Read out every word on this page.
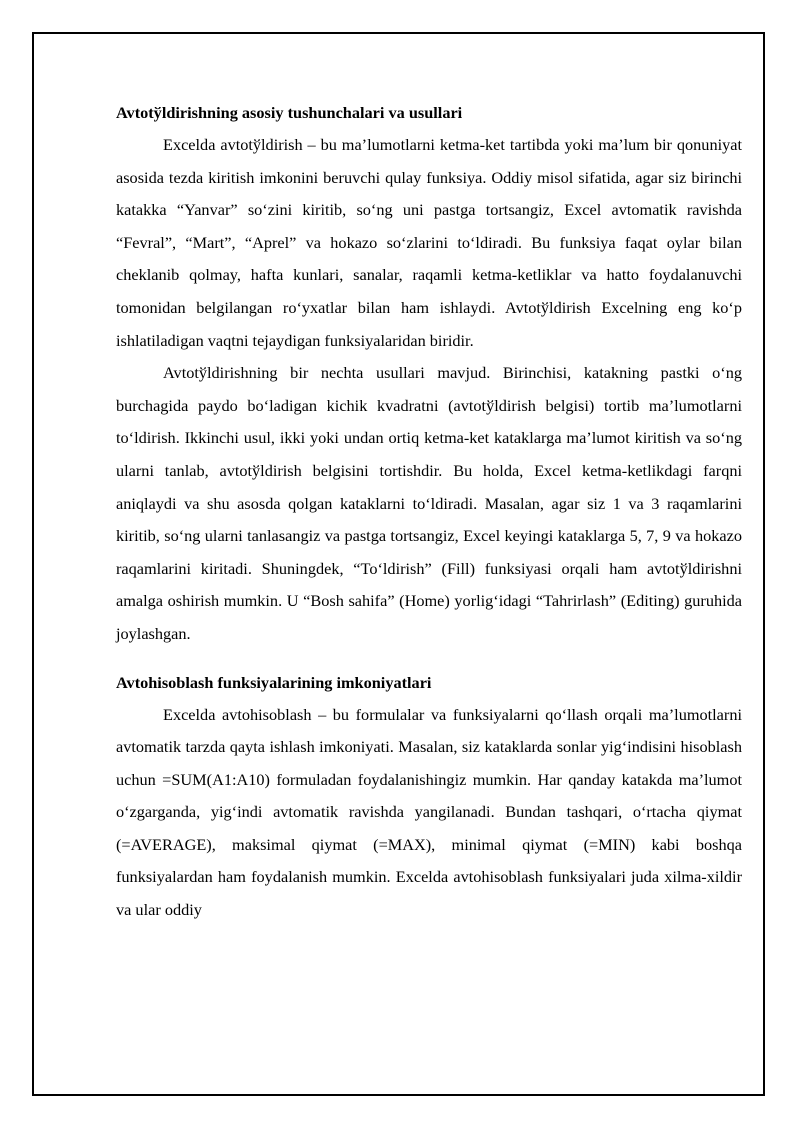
Avtotўldirishning asosiy tushunchalari va usullari

Excelda avtotўldirish – bu ma’lumotlarni ketma-ket tartibda yoki ma’lum bir qonuniyat asosida tezda kiritish imkonini beruvchi qulay funksiya. Oddiy misol sifatida, agar siz birinchi katakka “Yanvar” so‘zini kiritib, so‘ng uni pastga tortsangiz, Excel avtomatik ravishda “Fevral”, “Mart”, “Aprel” va hokazo so‘zlarini to‘ldiradi. Bu funksiya faqat oylar bilan cheklanib qolmay, hafta kunlari, sanalar, raqamli ketma-ketliklar va hatto foydalanuvchi tomonidan belgilangan ro‘yxatlar bilan ham ishlaydi. Avtotўldirish Excelning eng ko‘p ishlatiladigan vaqtni tejaydigan funksiyalaridan biridir.

Avtotўldirishning bir nechta usullari mavjud. Birinchisi, katakning pastki o‘ng burchagida paydo bo‘ladigan kichik kvadratni (avtotўldirish belgisi) tortib ma’lumotlarni to‘ldirish. Ikkinchi usul, ikki yoki undan ortiq ketma-ket kataklarga ma’lumot kiritish va so‘ng ularni tanlab, avtotўldirish belgisini tortishdir. Bu holda, Excel ketma-ketlikdagi farqni aniqlaydi va shu asosda qolgan kataklarni to‘ldiradi. Masalan, agar siz 1 va 3 raqamlarini kiritib, so‘ng ularni tanlasangiz va pastga tortsangiz, Excel keyingi kataklarga 5, 7, 9 va hokazo raqamlarini kiritadi. Shuningdek, “To‘ldirish” (Fill) funksiyasi orqali ham avtotўldirishni amalga oshirish mumkin. U “Bosh sahifa” (Home) yorlig‘idagi “Tahrirlash” (Editing) guruhida joylashgan.

Avtohisoblash funksiyalarining imkoniyatlari

Excelda avtohisoblash – bu formulalar va funksiyalarni qo‘llash orqali ma’lumotlarni avtomatik tarzda qayta ishlash imkoniyati. Masalan, siz kataklarda sonlar yig‘indisini hisoblash uchun =SUM(A1:A10) formuladan foydalanishingiz mumkin. Har qanday katakda ma’lumot o‘zgarganda, yig‘indi avtomatik ravishda yangilanadi. Bundan tashqari, o‘rtacha qiymat (=AVERAGE), maksimal qiymat (=MAX), minimal qiymat (=MIN) kabi boshqa funksiyalardan ham foydalanish mumkin. Excelda avtohisoblash funksiyalari juda xilma-xildir va ular oddiy
